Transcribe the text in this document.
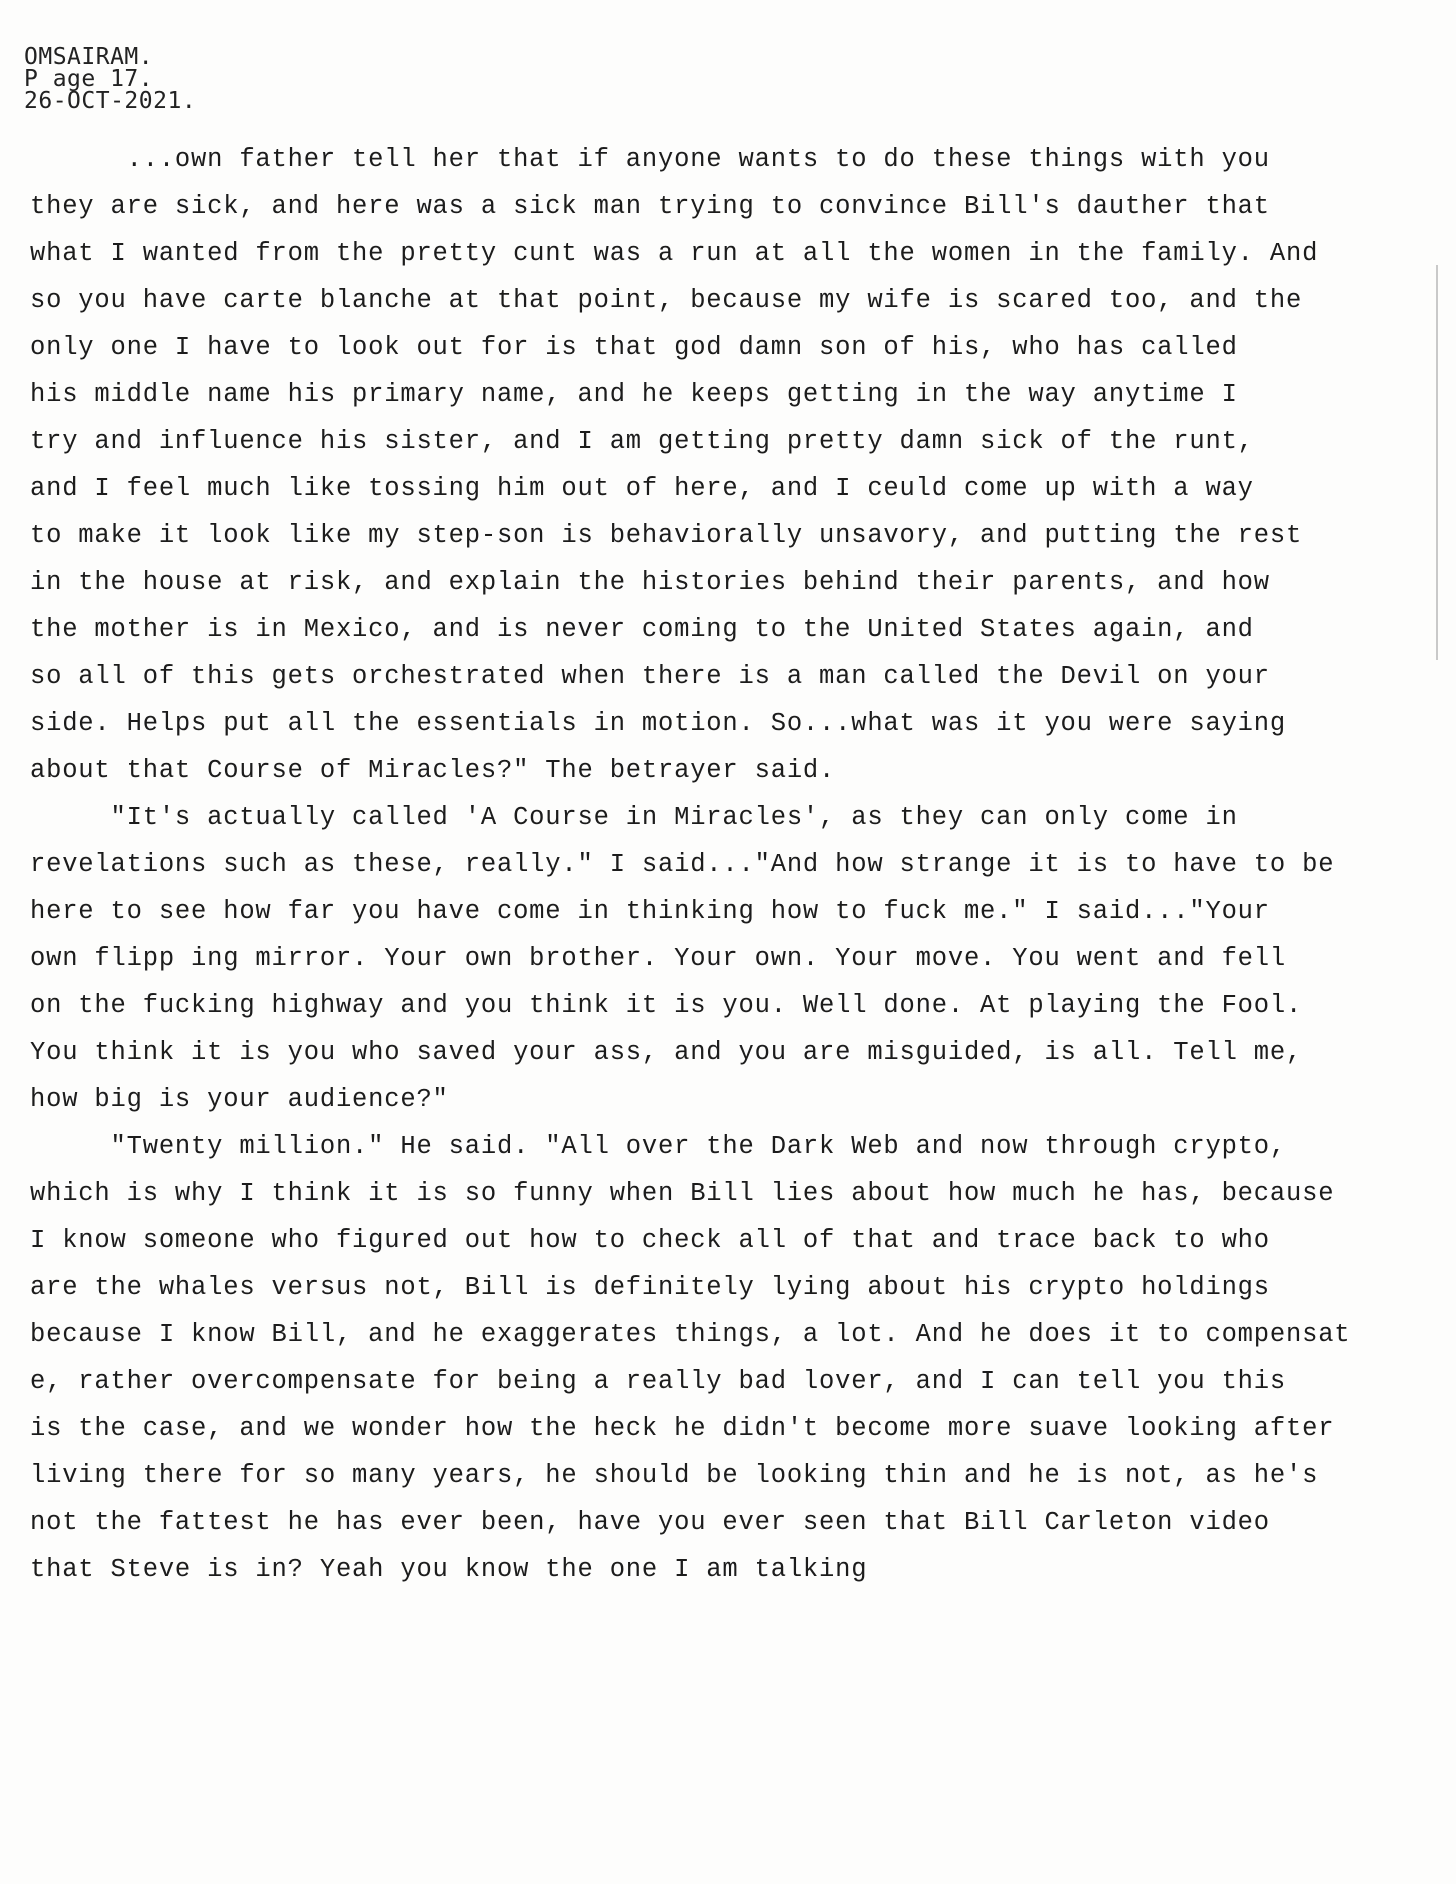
OMSAIRAM.
P age 17.
26-OCT-2021.
...own father tell her that if anyone wants to do these things with you
they are sick, and here was a sick man trying to convince Bill's dauther that
what I wanted from the pretty cunt was a run at all the women in the family. And
so you have carte blanche at that point, because my wife is scared too, and the
only one I have to look out for is that god damn son of his, who has called
his middle name his primary name, and he keeps getting in the way anytime I
try and influence his sister, and I am getting pretty damn sick of the runt,
and I feel much like tossing him out of here, and I ceuld come up with a way
to make it look like my step-son is behaviorally unsavory, and putting the rest
in the house at risk, and explain the histories behind their parents, and how
the mother is in Mexico, and is never coming to the United States again, and
so all of this gets orchestrated when there is a man called the Devil on your
side. Helps put all the essentials in motion. So...what was it you were saying
about that Course of Miracles?" The betrayer said.
"It's actually called 'A Course in Miracles', as they can only come in
revelations such as these, really." I said..."And how strange it is to have to be
here to see how far you have come in thinking how to fuck me." I said..."Your
own flipp ing mirror. Your own brother. Your own. Your move. You went and fell
on the fucking highway and you think it is you. Well done. At playing the Fool.
You think it is you who saved your ass, and you are misguided, is all. Tell me,
how big is your audience?"
"Twenty million." He said. "All over the Dark Web and now through crypto,
which is why I think it is so funny when Bill lies about how much he has, because
I know someone who figured out how to check all of that and trace back to who
are the whales versus not, Bill is definitely lying about his crypto holdings
because I know Bill, and he exaggerates things, a lot. And he does it to compensat
e, rather overcompensate for being a really bad lover, and I can tell you this
is the case, and we wonder how the heck he didn't become more suave looking after
living there for so many years, he should be looking thin and he is not, as he's
not the fattest he has ever been, have you ever seen that Bill Carleton video
that Steve is in? Yeah you know the one I am talking
